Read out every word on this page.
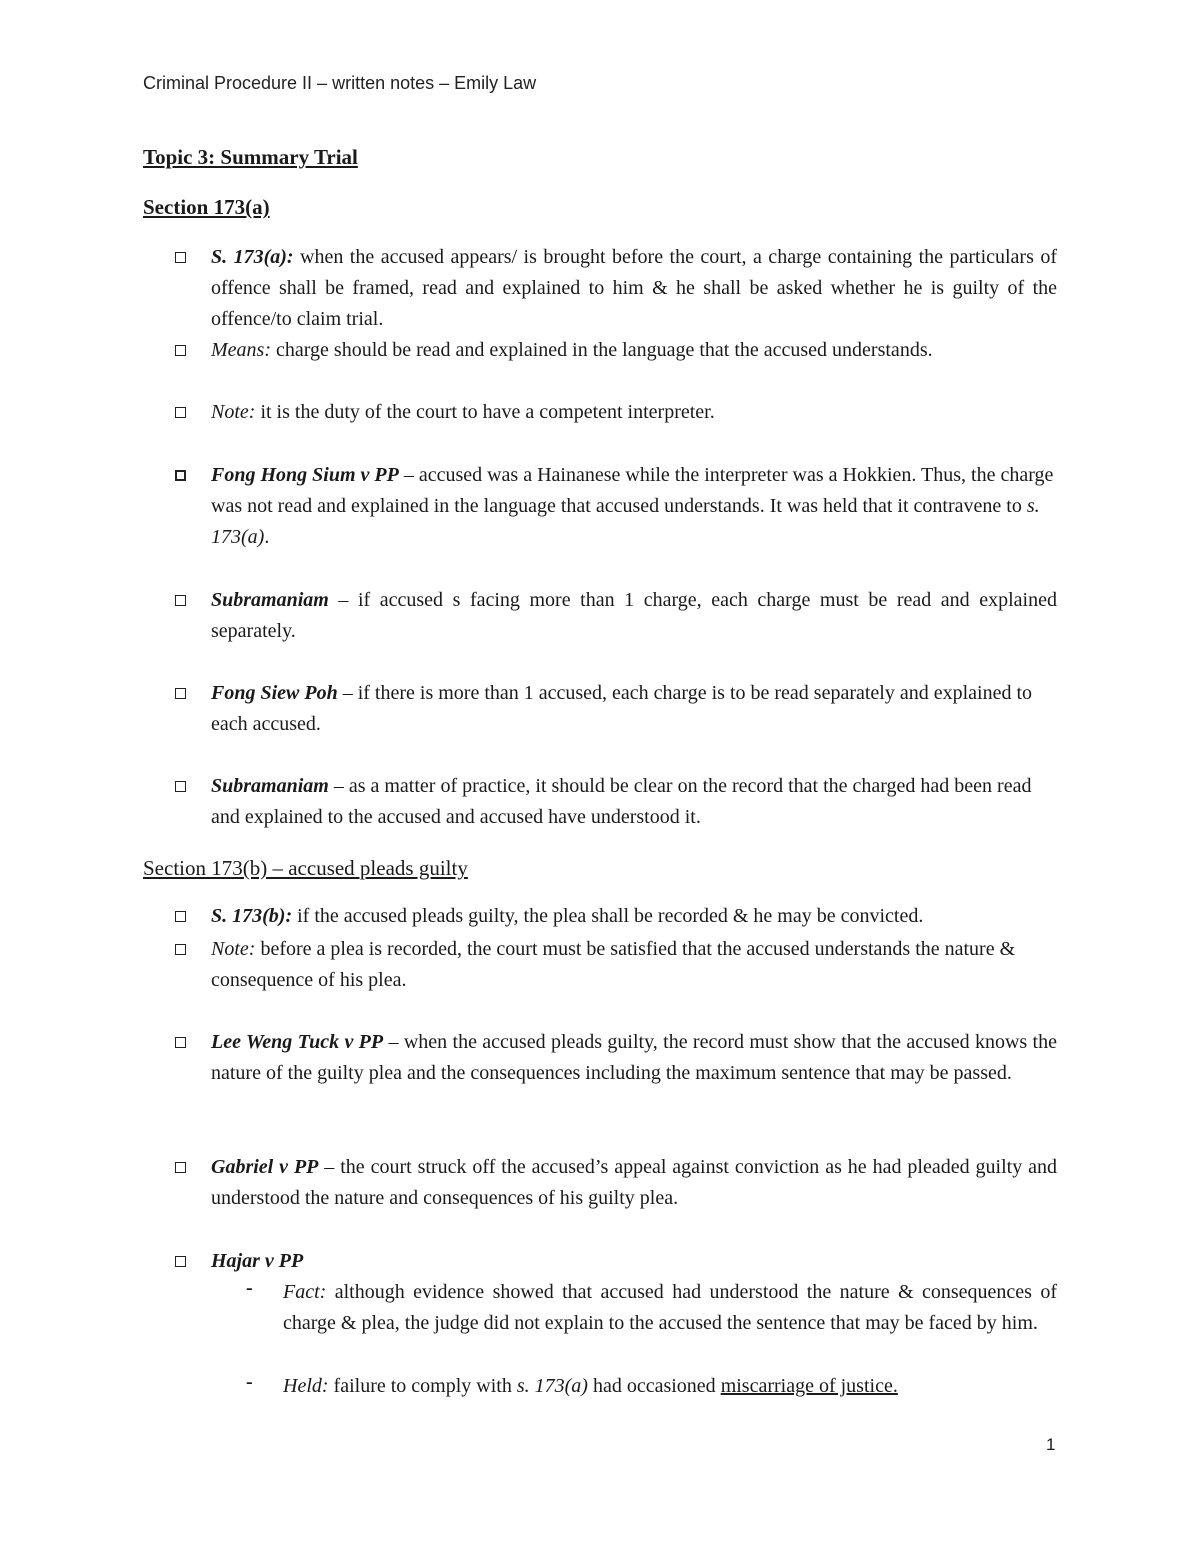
Criminal Procedure II – written notes – Emily Law
Topic 3: Summary Trial
Section 173(a)
S. 173(a): when the accused appears/ is brought before the court, a charge containing the particulars of offence shall be framed, read and explained to him & he shall be asked whether he is guilty of the offence/to claim trial.
Means: charge should be read and explained in the language that the accused understands.
Note: it is the duty of the court to have a competent interpreter.
Fong Hong Sium v PP – accused was a Hainanese while the interpreter was a Hokkien. Thus, the charge was not read and explained in the language that accused understands. It was held that it contravene to s. 173(a).
Subramaniam – if accused s facing more than 1 charge, each charge must be read and explained separately.
Fong Siew Poh – if there is more than 1 accused, each charge is to be read separately and explained to each accused.
Subramaniam – as a matter of practice, it should be clear on the record that the charged had been read and explained to the accused and accused have understood it.
Section 173(b) – accused pleads guilty
S. 173(b): if the accused pleads guilty, the plea shall be recorded & he may be convicted.
Note: before a plea is recorded, the court must be satisfied that the accused understands the nature & consequence of his plea.
Lee Weng Tuck v PP – when the accused pleads guilty, the record must show that the accused knows the nature of the guilty plea and the consequences including the maximum sentence that may be passed.
Gabriel v PP – the court struck off the accused’s appeal against conviction as he had pleaded guilty and understood the nature and consequences of his guilty plea.
Hajar v PP
- Fact: although evidence showed that accused had understood the nature & consequences of charge & plea, the judge did not explain to the accused the sentence that may be faced by him.
- Held: failure to comply with s. 173(a) had occasioned miscarriage of justice.
1
